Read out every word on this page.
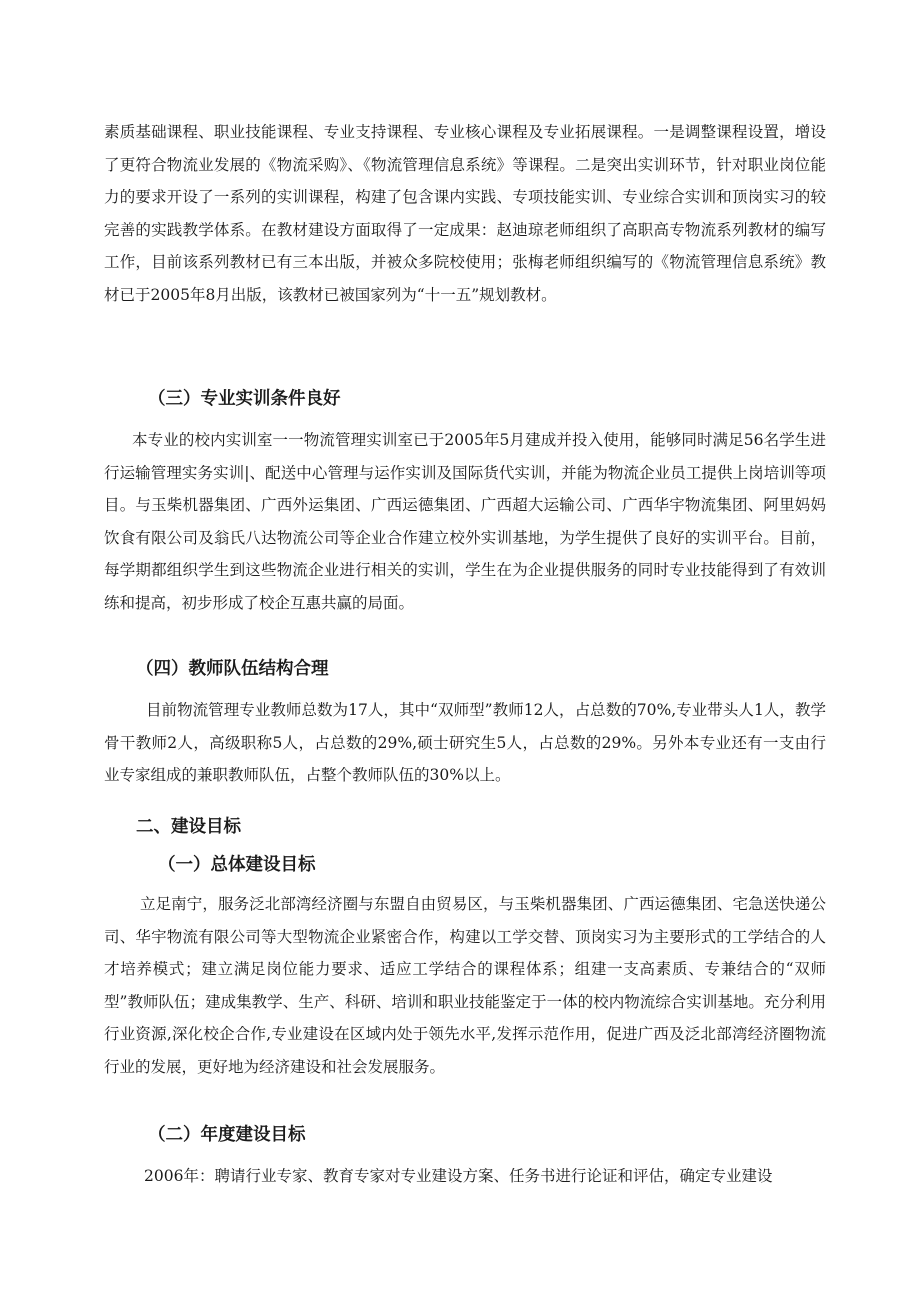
素质基础课程、职业技能课程、专业支持课程、专业核心课程及专业拓展课程。一是调整课程设置，增设了更符合物流业发展的《物流采购》、《物流管理信息系统》等课程。二是突出实训环节，针对职业岗位能力的要求开设了一系列的实训课程，构建了包含课内实践、专项技能实训、专业综合实训和顶岗实习的较完善的实践教学体系。在教材建设方面取得了一定成果：赵迪琼老师组织了高职高专物流系列教材的编写工作，目前该系列教材已有三本出版，并被众多院校使用；张梅老师组织编写的《物流管理信息系统》教材已于2005年8月出版，该教材已被国家列为“十一五”规划教材。

（三）专业实训条件良好

本专业的校内实训室一一物流管理实训室已于2005年5月建成并投入使用，能够同时满足56名学生进行运输管理实务实训|、配送中心管理与运作实训及国际货代实训，并能为物流企业员工提供上岗培训等项目。与玉柴机器集团、广西外运集团、广西运德集团、广西超大运输公司、广西华宇物流集团、阿里妈妈饮食有限公司及翁氏八达物流公司等企业合作建立校外实训基地，为学生提供了良好的实训平台。目前，每学期都组织学生到这些物流企业进行相关的实训，学生在为企业提供服务的同时专业技能得到了有效训练和提高，初步形成了校企互惠共赢的局面。

（四）教师队伍结构合理

目前物流管理专业教师总数为17人，其中“双师型”教师12人，占总数的70%,专业带头人1人，教学骨干教师2人，高级职称5人，占总数的29%,硕士研究生5人，占总数的29%。另外本专业还有一支由行业专家组成的兼职教师队伍，占整个教师队伍的30%以上。

二、建设目标
（一）总体建设目标

立足南宁，服务泛北部湾经济圈与东盟自由贸易区，与玉柴机器集团、广西运德集团、宅急送快递公司、华宇物流有限公司等大型物流企业紧密合作，构建以工学交替、顶岗实习为主要形式的工学结合的人才培养模式；建立满足岗位能力要求、适应工学结合的课程体系；组建一支高素质、专兼结合的“双师型”教师队伍；建成集教学、生产、科研、培训和职业技能鉴定于一体的校内物流综合实训基地。充分利用行业资源,深化校企合作,专业建设在区域内处于领先水平,发挥示范作用，促进广西及泛北部湾经济圈物流行业的发展，更好地为经济建设和社会发展服务。

（二）年度建设目标

2006年：聘请行业专家、教育专家对专业建设方案、任务书进行论证和评估，确定专业建设
